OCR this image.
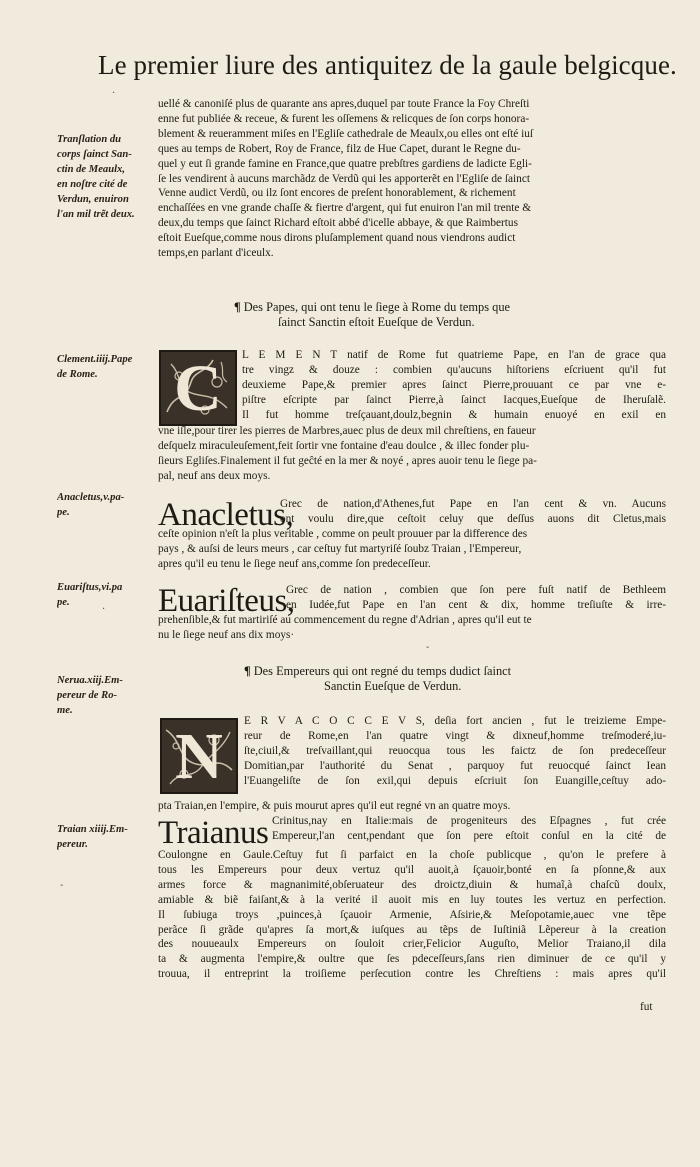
Le premier liure des antiquitez de la gaule belgicque.
·
Tranſlation du
corps ſainct San-
ctin de Meaulx,
en noſtre cité de
Verdun, enuiron
l'an mil trẽt deux.
uellé & canoniſé plus de quarante ans apres,duquel par toute France la Foy Chreſti
enne fut publiée & receue, & furent les oſſemens & relicques de ſon corps honora-
blement & reueramment miſes en l'Egliſe cathedrale de Meaulx,ou elles ont eſté iuſ
ques au temps de Robert, Roy de France, filz de Hue Capet, durant le Regne du-
quel y eut ſi grande famine en France,que quatre prebſtres gardiens de ladicte Egli-
ſe les vendirent à aucuns marchãdz de Verdũ qui les apporterẽt en l'Egliſe de ſainct
Venne audict Verdũ, ou ilz ſont encores de preſent honorablement, & richement
enchaſſées en vne grande chaſſe & fiertre d'argent, qui fut enuiron l'an mil trente &
deux,du temps que ſainct Richard eſtoit abbé d'icelle abbaye, & que Raimbertus
eſtoit Eueſque,comme nous dirons pluſamplement quand nous viendrons audict
temps,en parlant d'iceulx.
¶ Des Papes, qui ont tenu le ſiege à Rome du temps que
ſainct Sanctin eſtoit Eueſque de Verdun.
Clement.iiij.Pape
de Rome.	C	L E M E N T natif de Rome fut quatrieme Pape, en l'an de grace qua
tre vingz & douze : combien qu'aucuns hiſtoriens eſcriuent qu'il fut
deuxieme Pape,& premier apres ſainct Pierre,prouuant ce par vne e-
piſtre eſcripte par ſainct Pierre,à ſainct Iacques,Eueſque de Iheruſalẽ.
Il fut homme treſçauant,doulz,begnin & humain enuoyé en exil en
vne iſle,pour tirer les pierres de Marbres,auec plus de deux mil chreſtiens, en faueur
deſquelz miraculeuſement,feit ſortir vne fontaine d'eau doulce , & illec fonder plu-
ſieurs Egliſes.Finalement il fut geĉté en la mer & noyé , apres auoir tenu le ſiege pa-
pal, neuf ans deux moys.
Anacletus,v.pa-
pe.	Anacletus,
Grec de nation,d'Athenes,fut Pape en l'an cent & vn. Aucuns
ont voulu dire,que ceſtoit celuy que deſſus auons dit Cletus,mais
ceſte opinion n'eſt la plus veritable , comme on peult prouuer par la difference des
pays , & auſsi de leurs meurs , car ceſtuy fut martyriſé ſoubz Traian , l'Empereur,
apres qu'il eu tenu le ſiege neuf ans,comme ſon predeceſſeur.
Euariſtus,vi.pa
pe.	Euariſteus,
Grec de nation , combien que ſon pere fuſt natif de Bethleem
en Iudée,fut Pape en l'an cent & dix, homme treſiuſte & irre-
prehenſible,& fut martiriſé au commencement du regne d'Adrian , apres qu'il eut te
nu le ſiege neuf ans dix moys·
¶ Des Empereurs qui ont regné du temps dudict ſainct
Sanctin Eueſque de Verdun.
Nerua.xiij.Em-
pereur de Ro-
me.
N	E R V A C O C C E V S, deſia fort ancien , fut le treizieme Empe-
reur de Rome,en l'an quatre vingt & dixneuf,homme treſmoderé,iu-
ſte,ciuil,& treſvaillant,qui reuocqua tous les faictz de ſon predeceſſeur
Domitian,par l'authorité du Senat , parquoy fut reuocqué ſainct Iean
l'Euangeliſte de ſon exil,qui depuis eſcriuit ſon Euangille,ceſtuy ado-
pta Traian,en l'empire, & puis mourut apres qu'il eut regné vn an quatre moys.
Traian xiiij.Em-
pereur.	Traianus Crinitus,nay en Italie:mais de progeniteurs des Eſpagnes , fut crée
Empereur,l'an cent,pendant que ſon pere eſtoit conſul en la cité de
Coulongne en Gaule.Ceſtuy fut ſi parfaict en la choſe publicque , qu'on le prefere à
tous les Empereurs pour deux vertuz qu'il auoit,à ſçauoir,bonté en ſa pſonne,& aux
armes force & magnanimité,obſeruateur des droictz,diuin & humaĩ,à chaſcũ doulx,
amiable & biẽ faiſant,& à la verité il auoit mis en luy toutes les vertuz en perfection.
Il ſubiuga troys ,puinces,à ſçauoir Armenie, Aſsirie,& Meſopotamie,auec vne tẽpe
perãce ſi grãde qu'apres ſa mort,& iuſques au tẽps de Iuſtiniã Lẽpereur à la creation
des nouueaulx Empereurs on ſouloit crier,Felicior Auguſto, Melior Traiano,il dila
ta & augmenta l'empire,& oultre que ſes pdeceſſeurs,ſans rien diminuer de ce qu'il y
trouua, il entreprint la troiſieme perſecution contre les Chreſtiens : mais apres qu'il
fut
·
-
-
